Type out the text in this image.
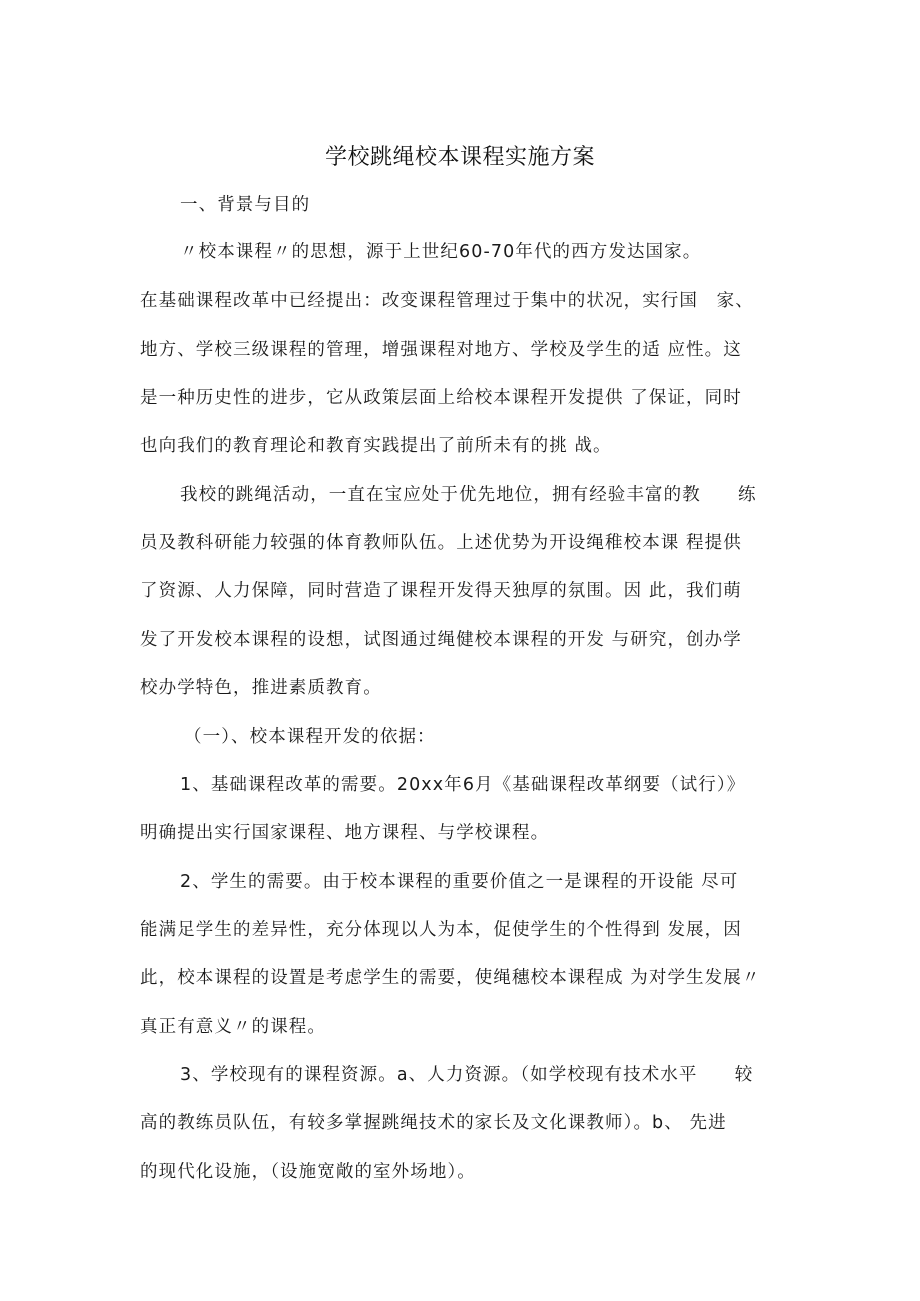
学校跳绳校本课程实施方案
一、背景与目的
〃校本课程〃的思想，源于上世纪60-70年代的西方发达国家。
在基础课程改革中已经提出：改变课程管理过于集中的状况，实行国　家、
地方、学校三级课程的管理，增强课程对地方、学校及学生的适 应性。这
是一种历史性的进步，它从政策层面上给校本课程开发提供 了保证，同时
也向我们的教育理论和教育实践提出了前所未有的挑 战。
我校的跳绳活动，一直在宝应处于优先地位，拥有经验丰富的教　　练
员及教科研能力较强的体育教师队伍。上述优势为开设绳稚校本课 程提供
了资源、人力保障，同时营造了课程开发得天独厚的氛围。因 此，我们萌
发了开发校本课程的设想，试图通过绳健校本课程的开发 与研究，创办学
校办学特色，推进素质教育。
（一）、校本课程开发的依据：
1、基础课程改革的需要。20xx年6月《基础课程改革纲要（试行）》
明确提出实行国家课程、地方课程、与学校课程。
2、学生的需要。由于校本课程的重要价值之一是课程的开设能 尽可
能满足学生的差异性，充分体现以人为本，促使学生的个性得到 发展，因
此，校本课程的设置是考虑学生的需要，使绳穗校本课程成 为对学生发展〃
真正有意义〃的课程。
3、学校现有的课程资源。a、人力资源。（如学校现有技术水平　　较
高的教练员队伍，有较多掌握跳绳技术的家长及文化课教师）。b、 先进
的现代化设施，（设施宽敞的室外场地）。
